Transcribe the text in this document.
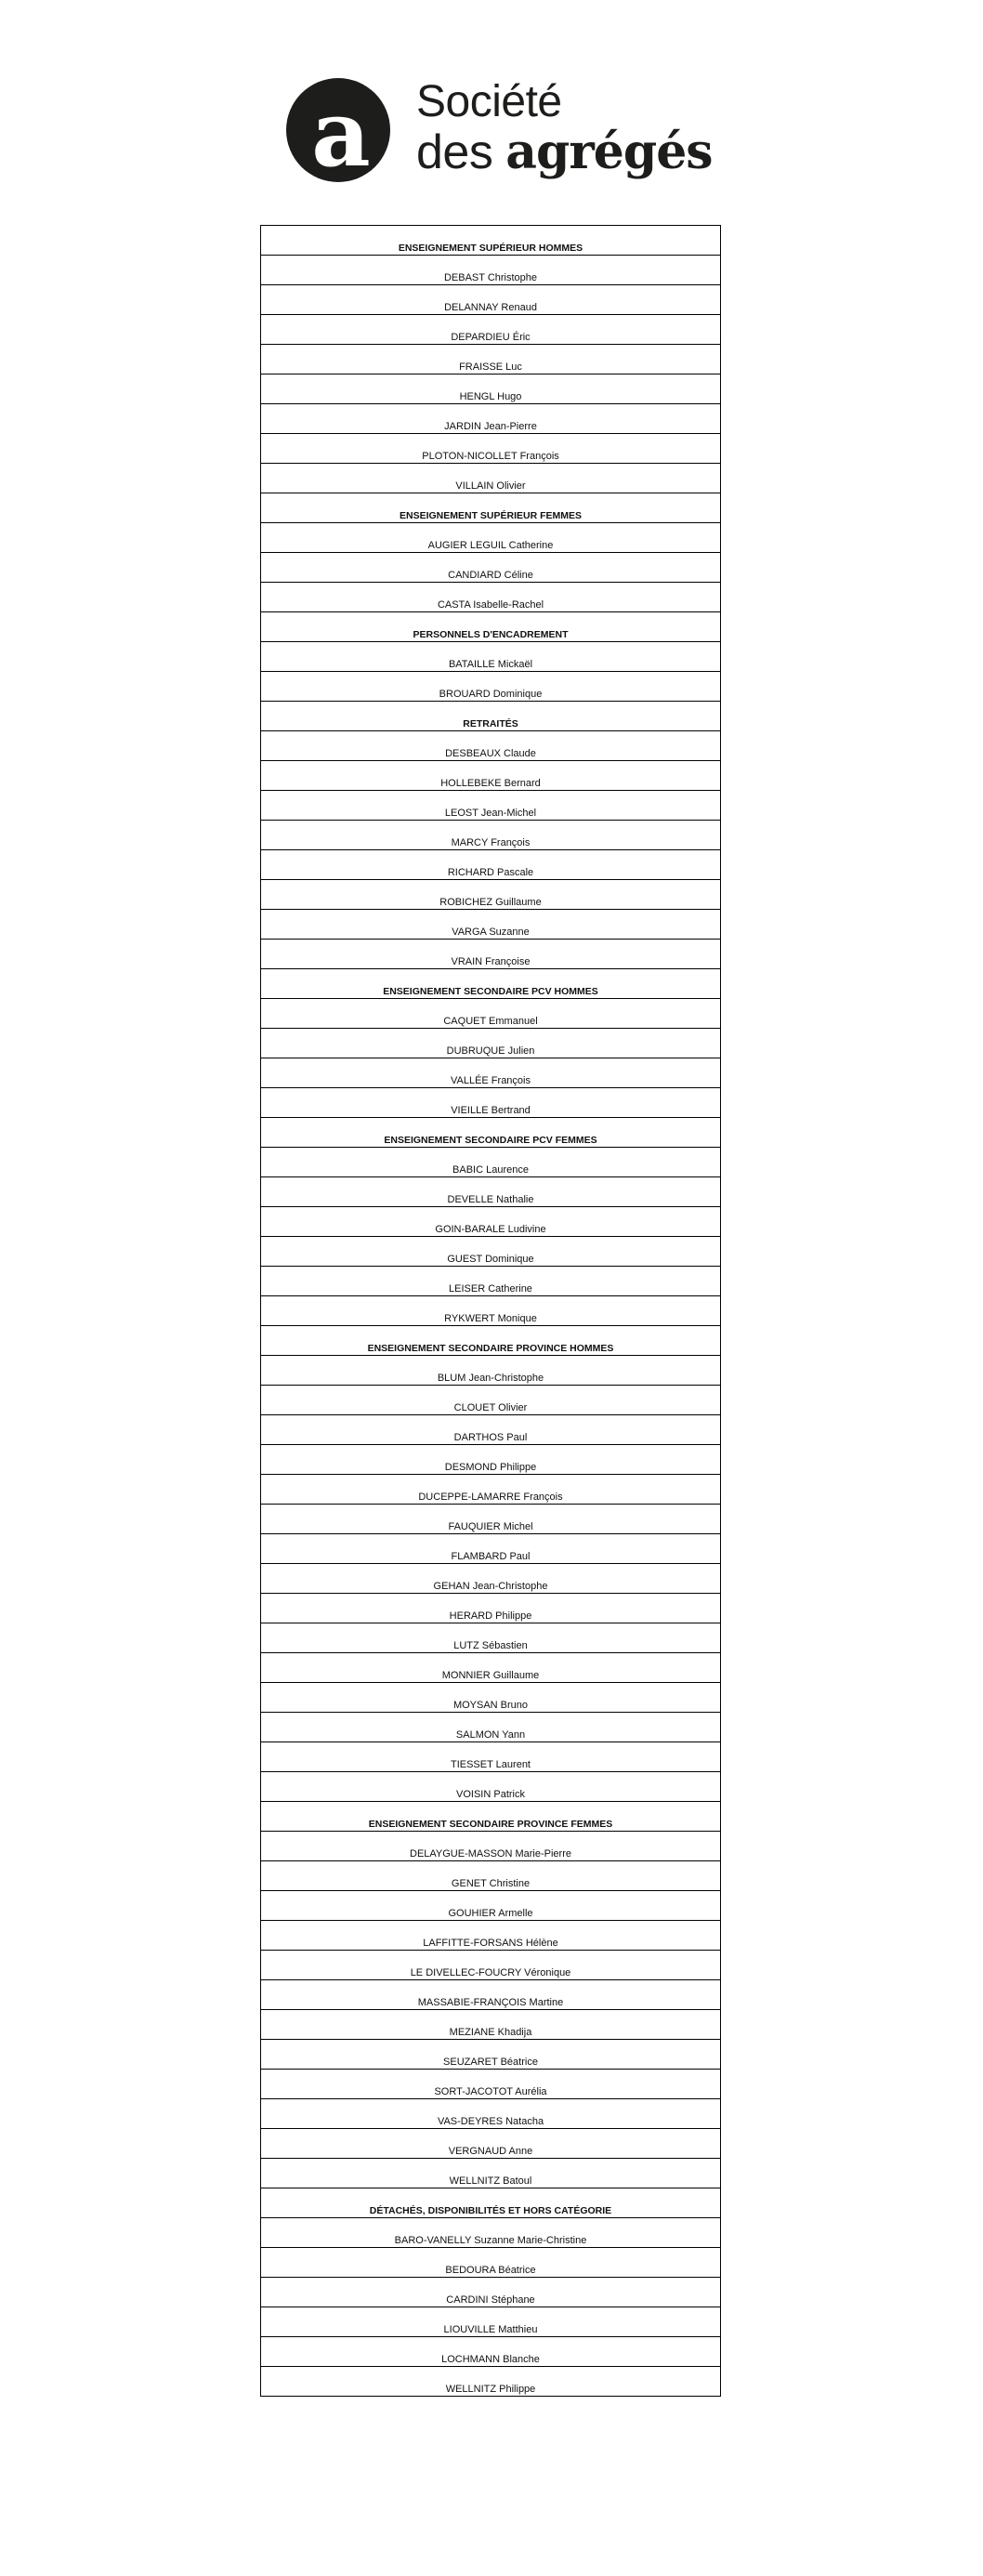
a Société
des agrégés
ENSEIGNEMENT SUPÉRIEUR HOMMES
DEBAST Christophe
DELANNAY Renaud
DEPARDIEU Éric
FRAISSE Luc
HENGL Hugo
JARDIN Jean-Pierre
PLOTON-NICOLLET François
VILLAIN Olivier
ENSEIGNEMENT SUPÉRIEUR FEMMES
AUGIER LEGUIL Catherine
CANDIARD Céline
CASTA Isabelle-Rachel
PERSONNELS D'ENCADREMENT
BATAILLE Mickaël
BROUARD Dominique
RETRAITÉS
DESBEAUX Claude
HOLLEBEKE Bernard
LEOST Jean-Michel
MARCY François
RICHARD Pascale
ROBICHEZ Guillaume
VARGA Suzanne
VRAIN Françoise
ENSEIGNEMENT SECONDAIRE PCV HOMMES
CAQUET Emmanuel
DUBRUQUE Julien
VALLÉE François
VIEILLE Bertrand
ENSEIGNEMENT SECONDAIRE PCV FEMMES
BABIC Laurence
DEVELLE Nathalie
GOIN-BARALE Ludivine
GUEST Dominique
LEISER Catherine
RYKWERT Monique
ENSEIGNEMENT SECONDAIRE PROVINCE HOMMES
BLUM Jean-Christophe
CLOUET Olivier
DARTHOS Paul
DESMOND Philippe
DUCEPPE-LAMARRE François
FAUQUIER Michel
FLAMBARD Paul
GEHAN Jean-Christophe
HERARD Philippe
LUTZ Sébastien
MONNIER Guillaume
MOYSAN Bruno
SALMON Yann
TIESSET Laurent
VOISIN Patrick
ENSEIGNEMENT SECONDAIRE PROVINCE FEMMES
DELAYGUE-MASSON Marie-Pierre
GENET Christine
GOUHIER Armelle
LAFFITTE-FORSANS Hélène
LE DIVELLEC-FOUCRY Véronique
MASSABIE-FRANÇOIS Martine
MEZIANE Khadija
SEUZARET Béatrice
SORT-JACOTOT Aurélia
VAS-DEYRES Natacha
VERGNAUD Anne
WELLNITZ Batoul
DÉTACHÉS, DISPONIBILITÉS ET HORS CATÉGORIE
BARO-VANELLY Suzanne Marie-Christine
BEDOURA Béatrice
CARDINI Stéphane
LIOUVILLE Matthieu
LOCHMANN Blanche
WELLNITZ Philippe
